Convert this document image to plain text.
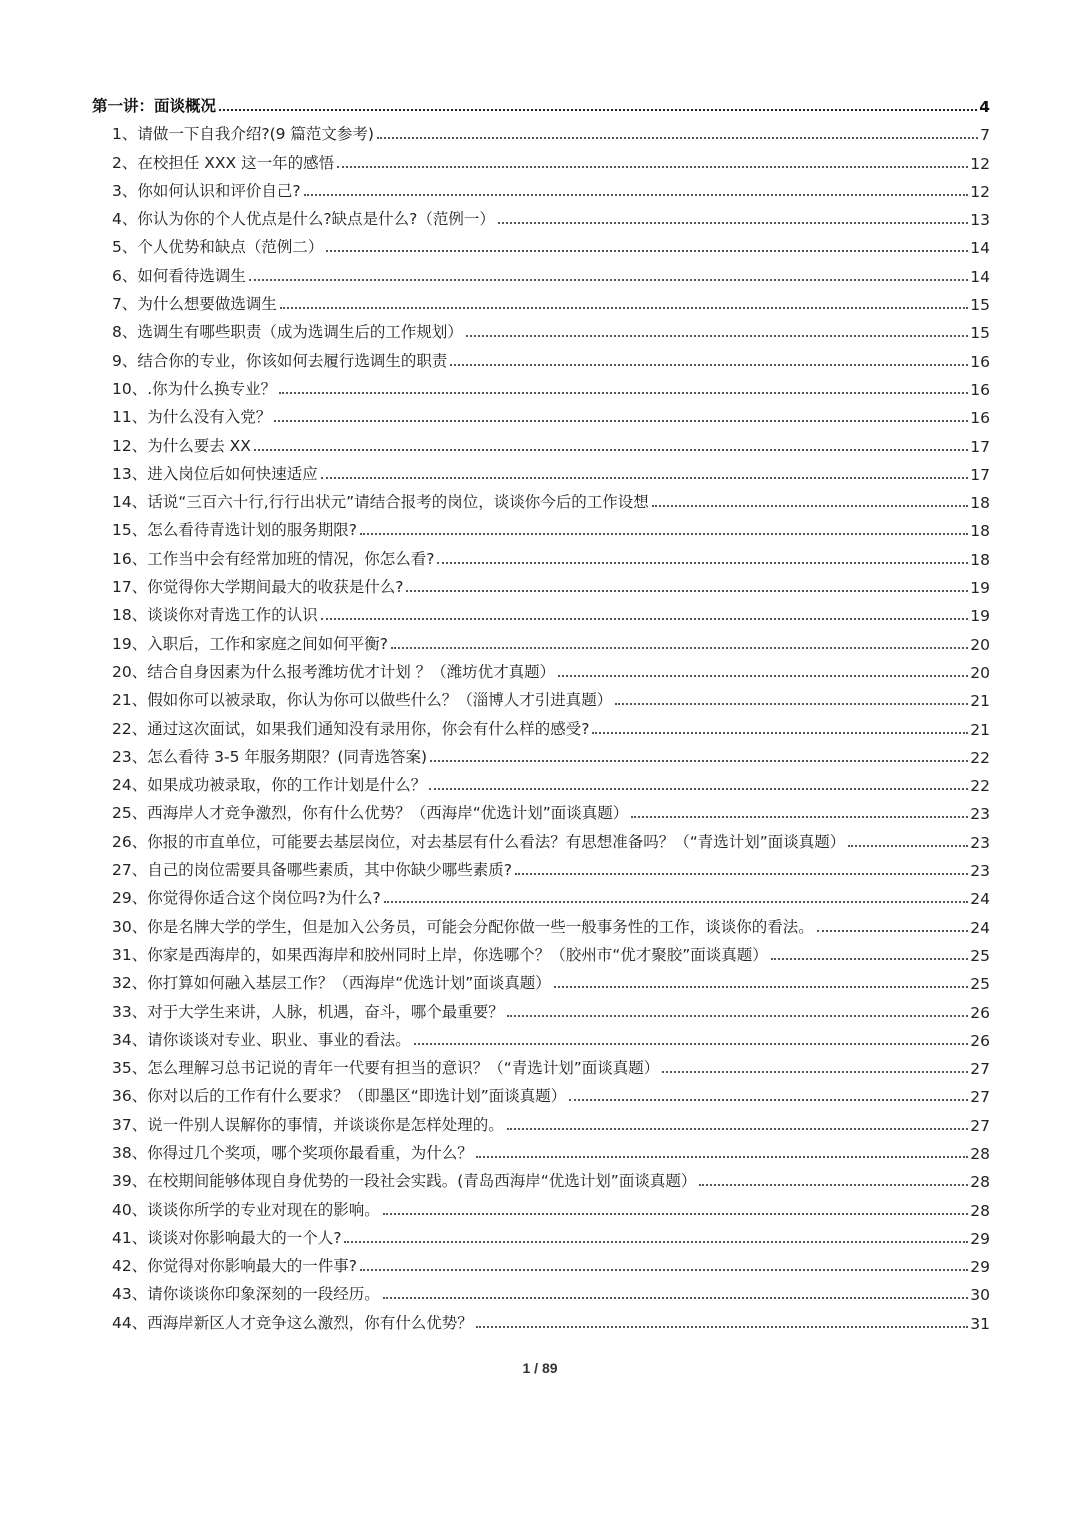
第一讲：面谈概况	4
1、请做一下自我介绍?(9 篇范文参考)	7
2、在校担任 XXX 这一年的感悟	12
3、你如何认识和评价自己?	12
4、你认为你的个人优点是什么?缺点是什么?（范例一）	13
5、个人优势和缺点（范例二）	14
6、如何看待选调生	14
7、为什么想要做选调生	15
8、选调生有哪些职责（成为选调生后的工作规划）	15
9、结合你的专业，你该如何去履行选调生的职责	16
10、.你为什么换专业？	16
11、为什么没有入党？	16
12、为什么要去 XX	17
13、进入岗位后如何快速适应	17
14、话说“三百六十行,行行出状元”请结合报考的岗位，谈谈你今后的工作设想	18
15、怎么看待青选计划的服务期限?	18
16、工作当中会有经常加班的情况，你怎么看?	18
17、你觉得你大学期间最大的收获是什么?	19
18、谈谈你对青选工作的认识	19
19、入职后，工作和家庭之间如何平衡?	20
20、结合自身因素为什么报考潍坊优才计划 ？（潍坊优才真题）	20
21、假如你可以被录取，你认为你可以做些什么？（淄博人才引进真题）	21
22、通过这次面试，如果我们通知没有录用你，你会有什么样的感受?	21
23、怎么看待 3-5 年服务期限？(同青选答案)	22
24、如果成功被录取，你的工作计划是什么？	22
25、西海岸人才竞争激烈，你有什么优势？（西海岸“优选计划”面谈真题）	23
26、你报的市直单位，可能要去基层岗位，对去基层有什么看法？有思想准备吗？（“青选计划”面谈真题）	23
27、自己的岗位需要具备哪些素质，其中你缺少哪些素质?	23
29、你觉得你适合这个岗位吗?为什么?	24
30、你是名牌大学的学生，但是加入公务员，可能会分配你做一些一般事务性的工作，谈谈你的看法。	24
31、你家是西海岸的，如果西海岸和胶州同时上岸，你选哪个？（胶州市“优才聚胶”面谈真题）	25
32、你打算如何融入基层工作？（西海岸“优选计划”面谈真题）	25
33、对于大学生来讲，人脉，机遇，奋斗，哪个最重要？	26
34、请你谈谈对专业、职业、事业的看法。	26
35、怎么理解习总书记说的青年一代要有担当的意识？（“青选计划”面谈真题）	27
36、你对以后的工作有什么要求？（即墨区“即选计划”面谈真题）	27
37、说一件别人误解你的事情，并谈谈你是怎样处理的。	27
38、你得过几个奖项，哪个奖项你最看重，为什么？	28
39、在校期间能够体现自身优势的一段社会实践。(青岛西海岸“优选计划”面谈真题）	28
40、谈谈你所学的专业对现在的影响。	28
41、谈谈对你影响最大的一个人?	29
42、你觉得对你影响最大的一件事?	29
43、请你谈谈你印象深刻的一段经历。	30
44、西海岸新区人才竞争这么激烈，你有什么优势？	31
1 / 89
